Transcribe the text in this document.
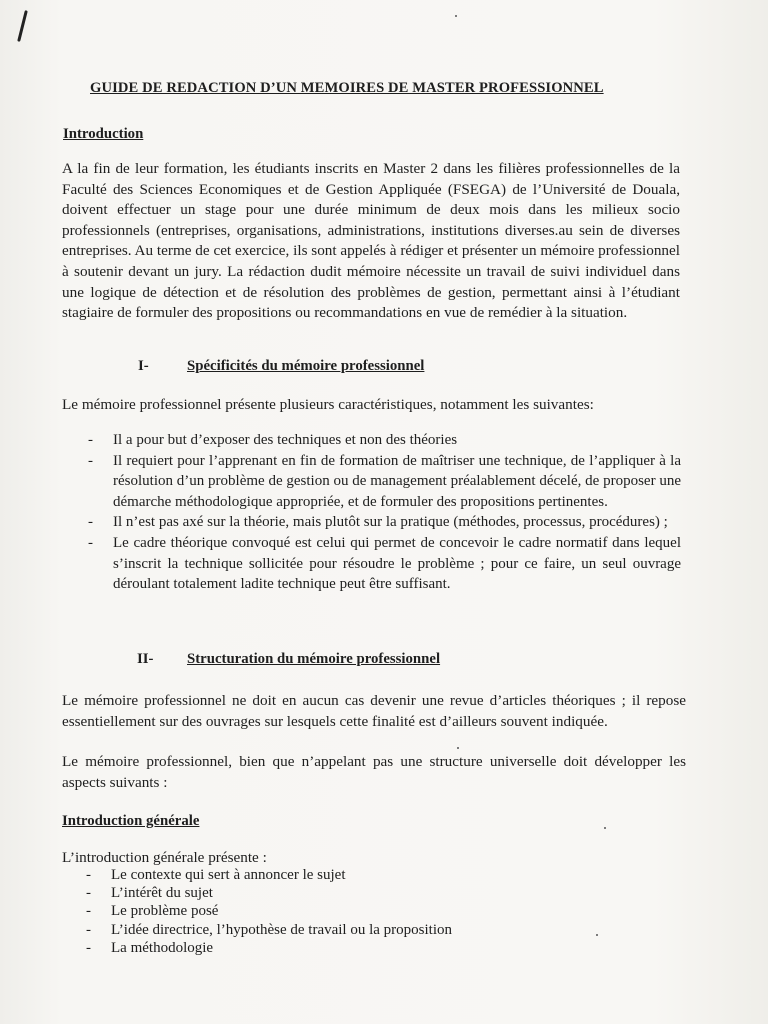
GUIDE DE REDACTION D’UN MEMOIRES DE MASTER PROFESSIONNEL
Introduction
A la fin de leur formation, les étudiants inscrits en Master 2 dans les filières professionnelles de la Faculté des Sciences Economiques et de Gestion Appliquée (FSEGA) de l’Université de Douala, doivent effectuer un stage pour une durée minimum de deux mois dans les milieux socio professionnels (entreprises, organisations, administrations, institutions diverses.au sein de diverses entreprises. Au terme de cet exercice, ils sont appelés à rédiger et présenter un mémoire professionnel à soutenir devant un jury. La rédaction dudit mémoire nécessite un travail de suivi individuel dans une logique de détection et de résolution des problèmes de gestion, permettant ainsi à l’étudiant stagiaire de formuler des propositions ou recommandations en vue de remédier à la situation.
I-	Spécificités du mémoire professionnel
Le mémoire professionnel présente plusieurs caractéristiques, notamment les suivantes:
- Il a pour but d’exposer des techniques et non des théories
- Il requiert pour l’apprenant en fin de formation de maîtriser une technique, de l’appliquer à la résolution d’un problème de gestion ou de management préalablement décelé, de proposer une démarche méthodologique appropriée, et de formuler des propositions pertinentes.
- Il n’est pas axé sur la théorie, mais plutôt sur la pratique (méthodes, processus, procédures) ;
- Le cadre théorique convoqué est celui qui permet de concevoir le cadre normatif dans lequel s’inscrit la technique sollicitée pour résoudre le problème ; pour ce faire, un seul ouvrage déroulant totalement ladite technique peut être suffisant.
II- Structuration du mémoire professionnel
Le mémoire professionnel ne doit en aucun cas devenir une revue d’articles théoriques ; il repose essentiellement sur des ouvrages sur lesquels cette finalité est d’ailleurs souvent indiquée.
Le mémoire professionnel, bien que n’appelant pas une structure universelle doit développer les aspects suivants :
Introduction générale
L’introduction générale présente :
- Le contexte qui sert à annoncer le sujet
- L’intérêt du sujet
- Le problème posé
- L’idée directrice, l’hypothèse de travail ou la proposition
- La méthodologie
